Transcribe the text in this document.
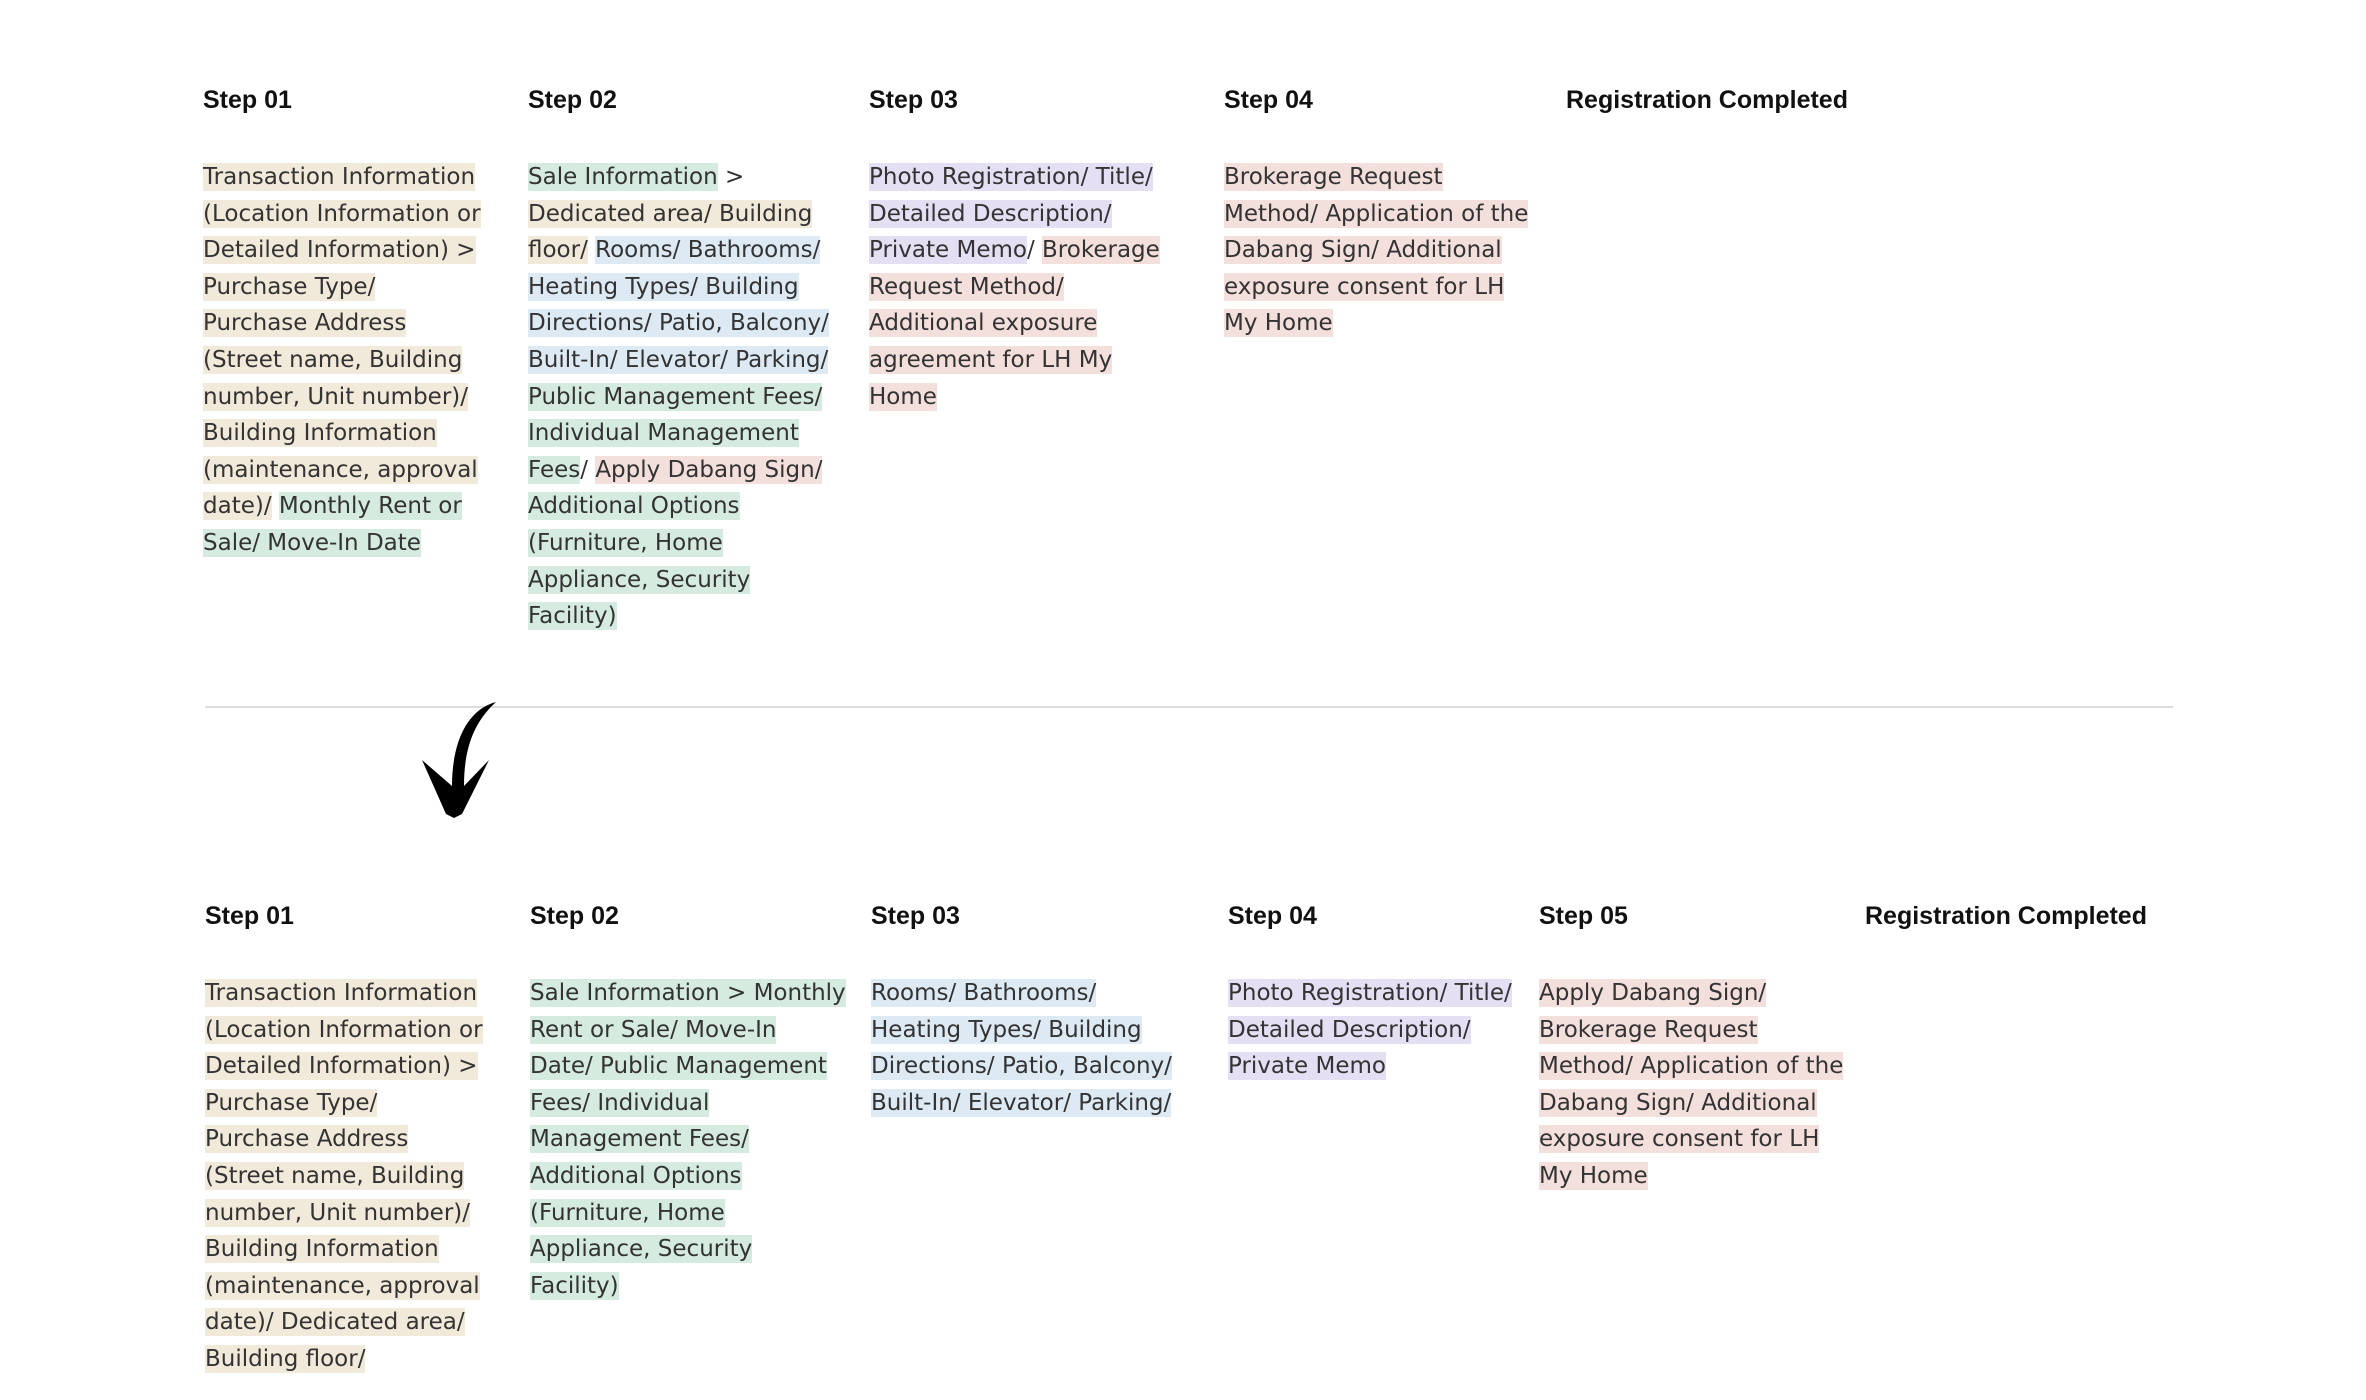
Step 01
Transaction Information (Location Information or Detailed Information) > Purchase Type/ Purchase Address (Street name, Building number, Unit number)/ Building Information (maintenance, approval date)/ Monthly Rent or Sale/ Move-In Date
Step 02
Sale Information > Dedicated area/ Building floor/ Rooms/ Bathrooms/ Heating Types/ Building Directions/ Patio, Balcony/ Built-In/ Elevator/ Parking/ Public Management Fees/ Individual Management Fees/ Apply Dabang Sign/ Additional Options (Furniture, Home Appliance, Security Facility)
Step 03
Photo Registration/ Title/ Detailed Description/ Private Memo/ Brokerage Request Method/ Additional exposure agreement for LH My Home
Step 04
Brokerage Request Method/ Application of the Dabang Sign/ Additional exposure consent for LH My Home
Registration Completed
Step 01
Transaction Information (Location Information or Detailed Information) > Purchase Type/ Purchase Address (Street name, Building number, Unit number)/ Building Information (maintenance, approval date)/ Dedicated area/ Building floor/
Step 02
Sale Information > Monthly Rent or Sale/ Move-In Date/ Public Management Fees/ Individual Management Fees/ Additional Options (Furniture, Home Appliance, Security Facility)
Step 03
Rooms/ Bathrooms/ Heating Types/ Building Directions/ Patio, Balcony/ Built-In/ Elevator/ Parking/
Step 04
Photo Registration/ Title/ Detailed Description/ Private Memo
Step 05
Apply Dabang Sign/ Brokerage Request Method/ Application of the Dabang Sign/ Additional exposure consent for LH My Home
Registration Completed
